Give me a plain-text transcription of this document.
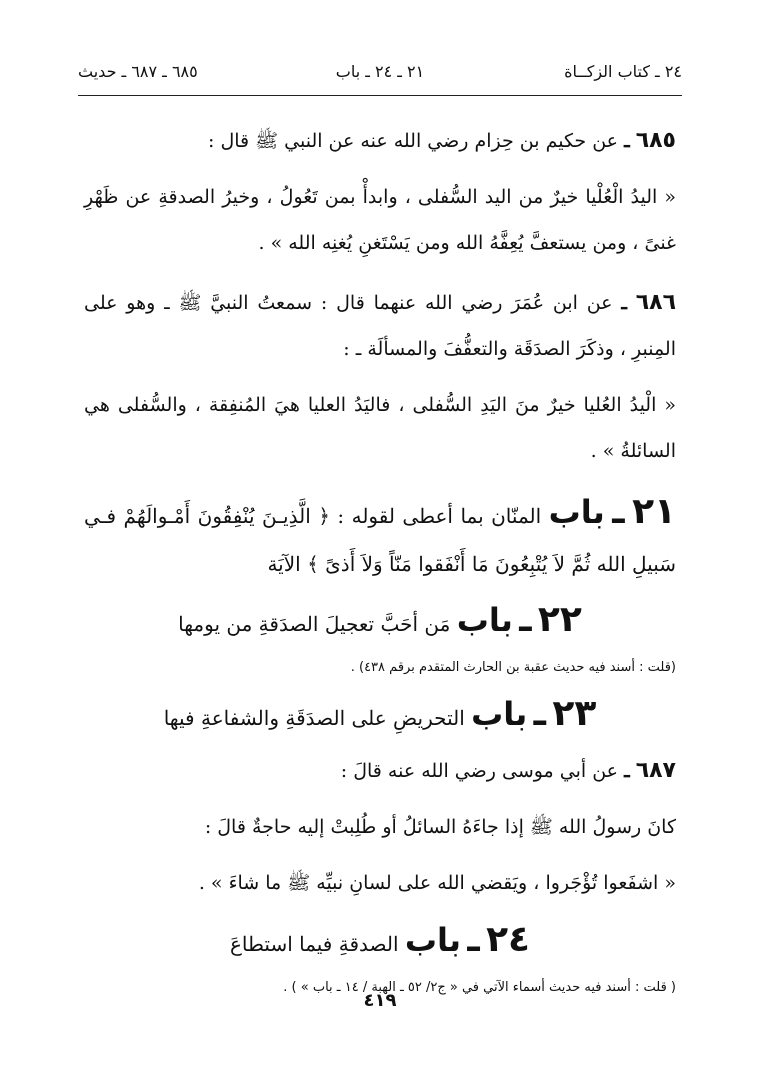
٢٤ ـ كتاب الزكــاة
٢١ ـ ٢٤ ـ باب
٦٨٥ ـ ٦٨٧ ـ حديث

٦٨٥ ـ عن حكيم بن حِزام رضي الله عنه عن النبي ﷺ قال :

« اليدُ الْعُلْيا خيرٌ من اليد السُّفلى ، وابدأْ بمن تَعُولُ ، وخيرُ الصدقةِ عن ظَهْرِ غنىً ، ومن يستعفَّ يُعِفَّهُ الله ومن يَسْتَغنِ يُغنِه الله » .

٦٨٦ ـ عن ابن عُمَرَ رضي الله عنهما قال : سمعتُ النبيَّ ﷺ ـ وهو على المِنبرِ ، وذكَرَ الصدَقَة والتعفُّفَ والمسألَة ـ :

« الْيدُ العُليا خيرٌ منَ اليَدِ السُّفلى ، فاليَدُ العليا هيَ المُنفِقة ، والسُّفلى هي السائلةُ » .

٢١ ـ باب المنّان بما أعطى لقوله : ﴿ الَّذِيـنَ يُنْفِقُونَ أَمْـوالَهُمْ فـي سَبيلِ الله ثُمَّ لاَ يُتْبِعُونَ مَا أَنْفَقوا مَنّاً وَلاَ أَذىً ﴾ الآيَة

٢٢ ـ باب مَن أحَبَّ تعجيلَ الصدَقةِ من يومها

(قلت : أسند فيه حديث عقبة بن الحارث المتقدم برقم ٤٣٨) .

٢٣ ـ باب التحريضِ على الصدَقَةِ والشفاعةِ فيها

٦٨٧ ـ عن أبي موسى رضي الله عنه قالَ :

كانَ رسولُ الله ﷺ إذا جاءَهُ السائلُ أو طُلِبتْ إليه حاجةٌ قالَ :

« اشفَعوا تُؤْجَروا ، ويَقضي الله على لسانِ نبيِّه ﷺ ما شاءَ » .

٢٤ ـ باب الصدقةِ فيما استطاعَ

( قلت : أسند فيه حديث أسماء الآتي في « ج٢/ ٥٢ ـ الهبة / ١٤ ـ باب » ) .

٤١٩
